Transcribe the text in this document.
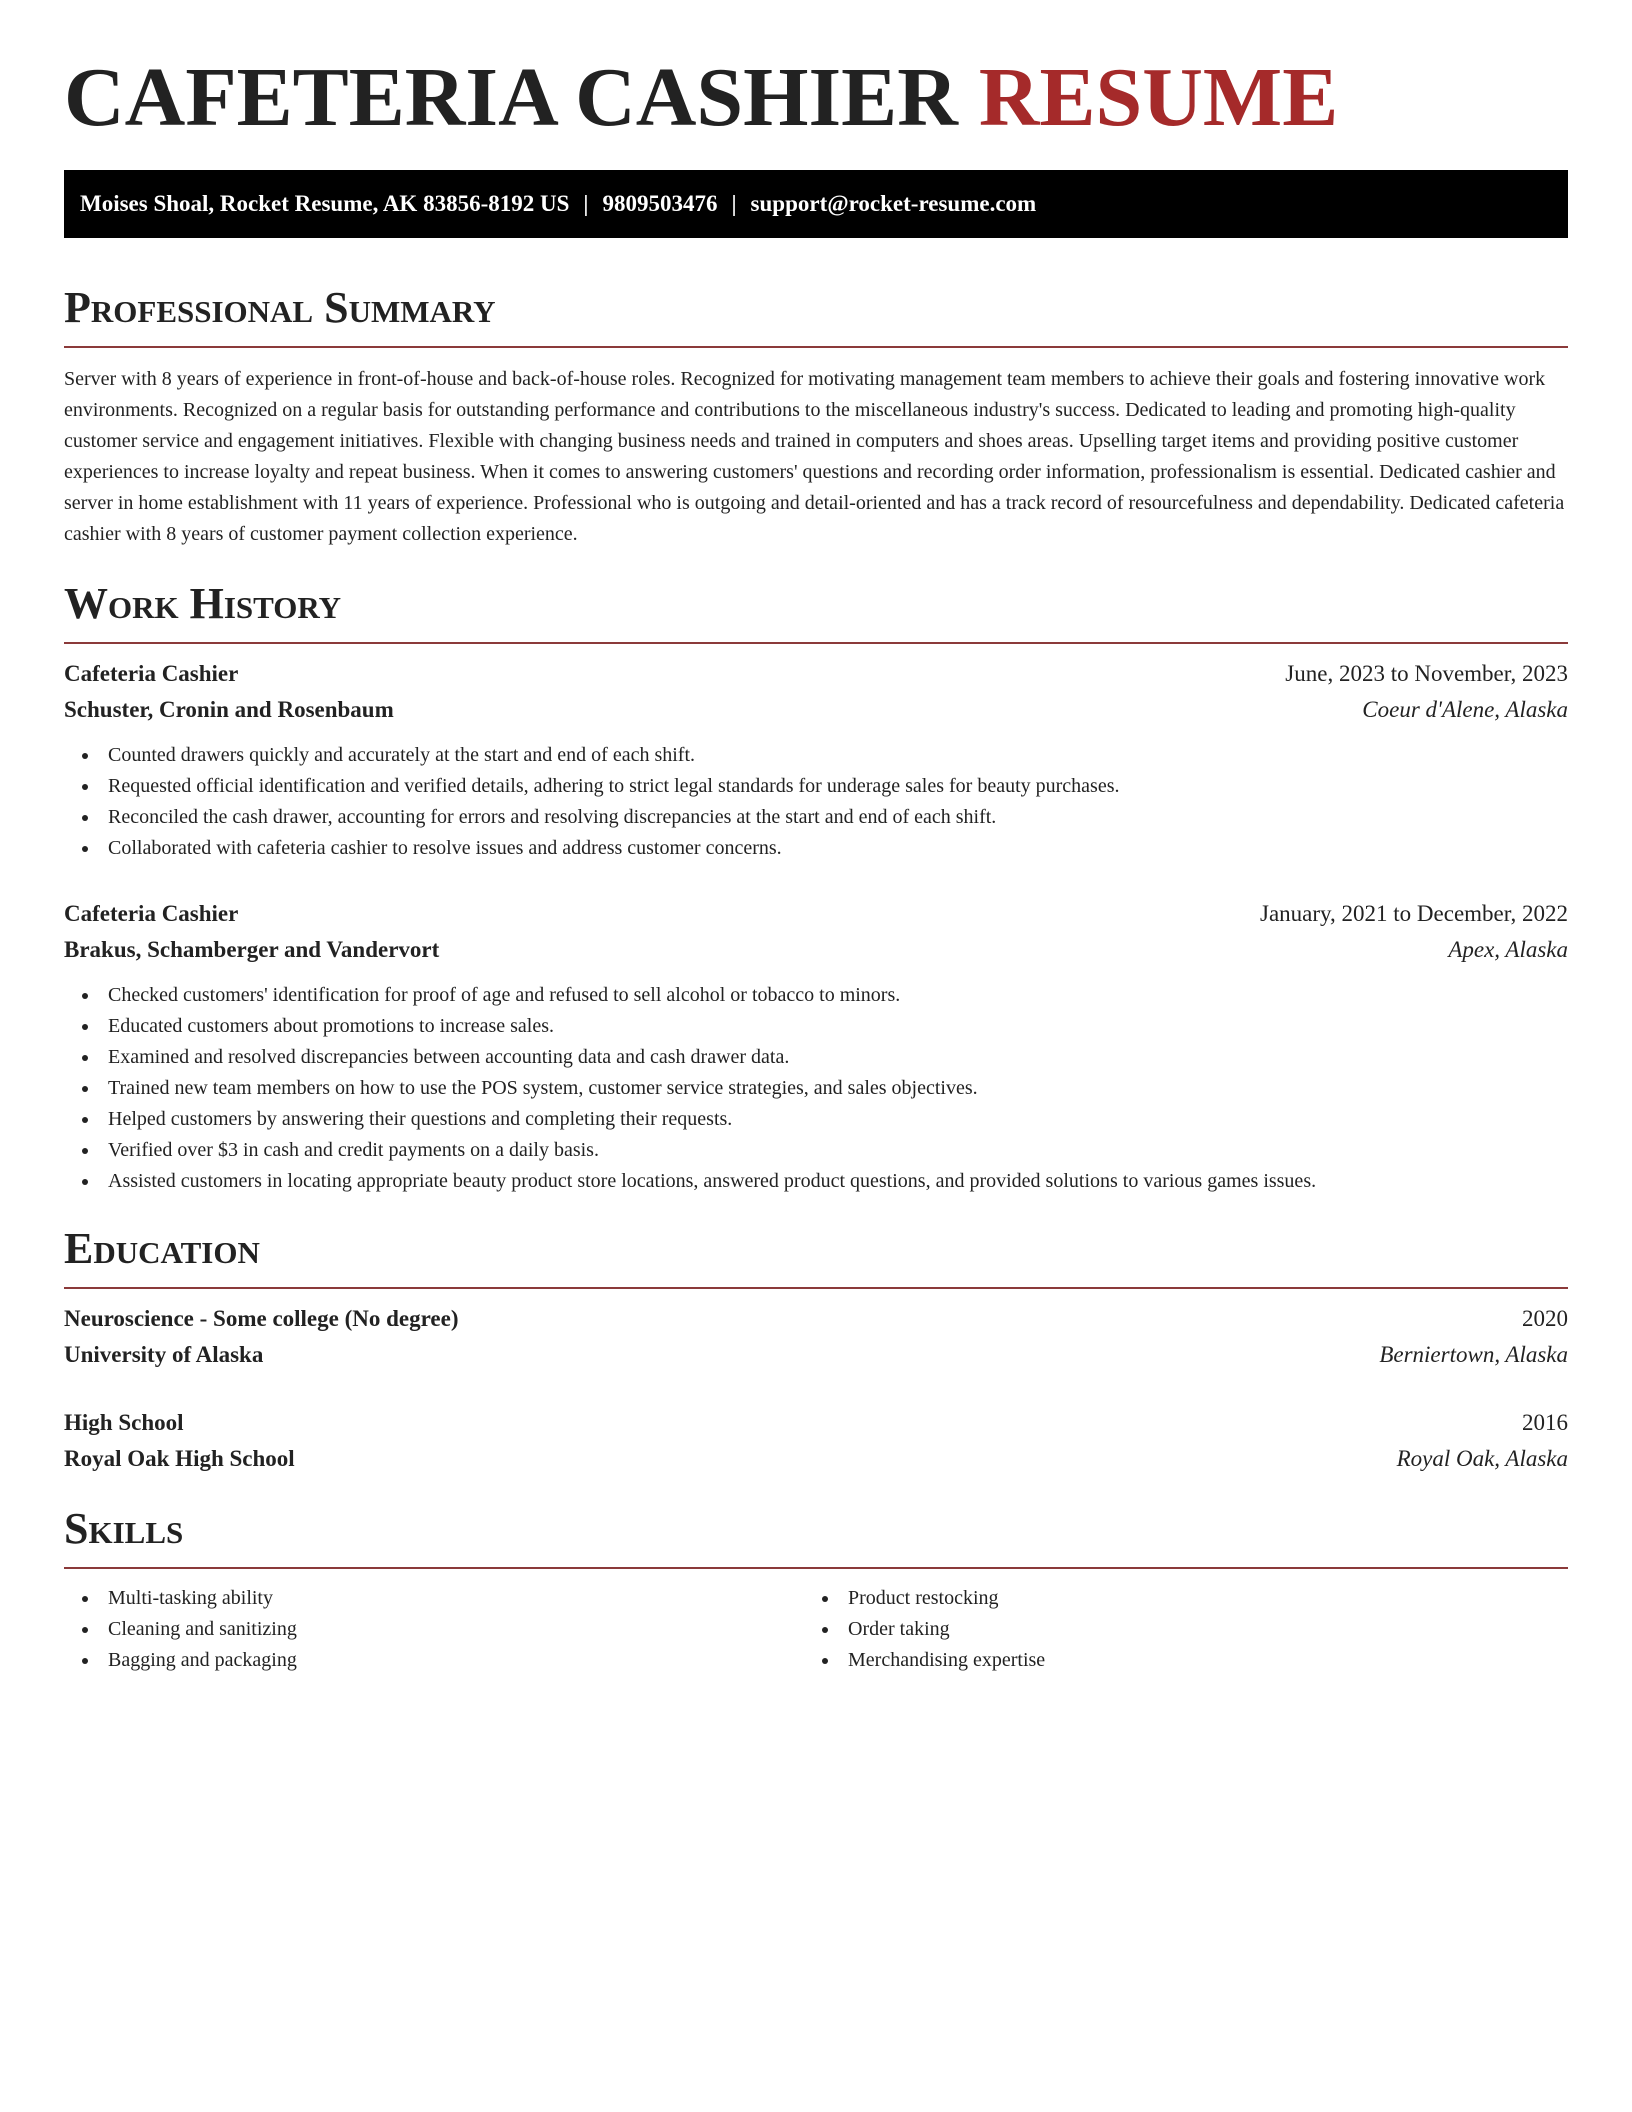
CAFETERIA CASHIER RESUME
Moises Shoal, Rocket Resume, AK 83856-8192 US | 9809503476 | support@rocket-resume.com
Professional Summary

Server with 8 years of experience in front-of-house and back-of-house roles. Recognized for motivating management team members to achieve their goals and fostering innovative work environments. Recognized on a regular basis for outstanding performance and contributions to the miscellaneous industry's success. Dedicated to leading and promoting high-quality customer service and engagement initiatives. Flexible with changing business needs and trained in computers and shoes areas. Upselling target items and providing positive customer experiences to increase loyalty and repeat business. When it comes to answering customers' questions and recording order information, professionalism is essential. Dedicated cashier and server in home establishment with 11 years of experience. Professional who is outgoing and detail-oriented and has a track record of resourcefulness and dependability. Dedicated cafeteria cashier with 8 years of customer payment collection experience.

Work History
Cafeteria Cashier	June, 2023 to November, 2023
Schuster, Cronin and Rosenbaum	Coeur d'Alene, Alaska
Counted drawers quickly and accurately at the start and end of each shift.
Requested official identification and verified details, adhering to strict legal standards for underage sales for beauty purchases.
Reconciled the cash drawer, accounting for errors and resolving discrepancies at the start and end of each shift.
Collaborated with cafeteria cashier to resolve issues and address customer concerns.
Cafeteria Cashier	January, 2021 to December, 2022
Brakus, Schamberger and Vandervort	Apex, Alaska
Checked customers' identification for proof of age and refused to sell alcohol or tobacco to minors.
Educated customers about promotions to increase sales.
Examined and resolved discrepancies between accounting data and cash drawer data.
Trained new team members on how to use the POS system, customer service strategies, and sales objectives.
Helped customers by answering their questions and completing their requests.
Verified over $3 in cash and credit payments on a daily basis.
Assisted customers in locating appropriate beauty product store locations, answered product questions, and provided solutions to various games issues.
Education
Neuroscience - Some college (No degree)	2020
University of Alaska	Berniertown, Alaska
High School	2016
Royal Oak High School	Royal Oak, Alaska
Skills
Multi-tasking ability
Cleaning and sanitizing
Bagging and packaging
Product restocking
Order taking
Merchandising expertise
